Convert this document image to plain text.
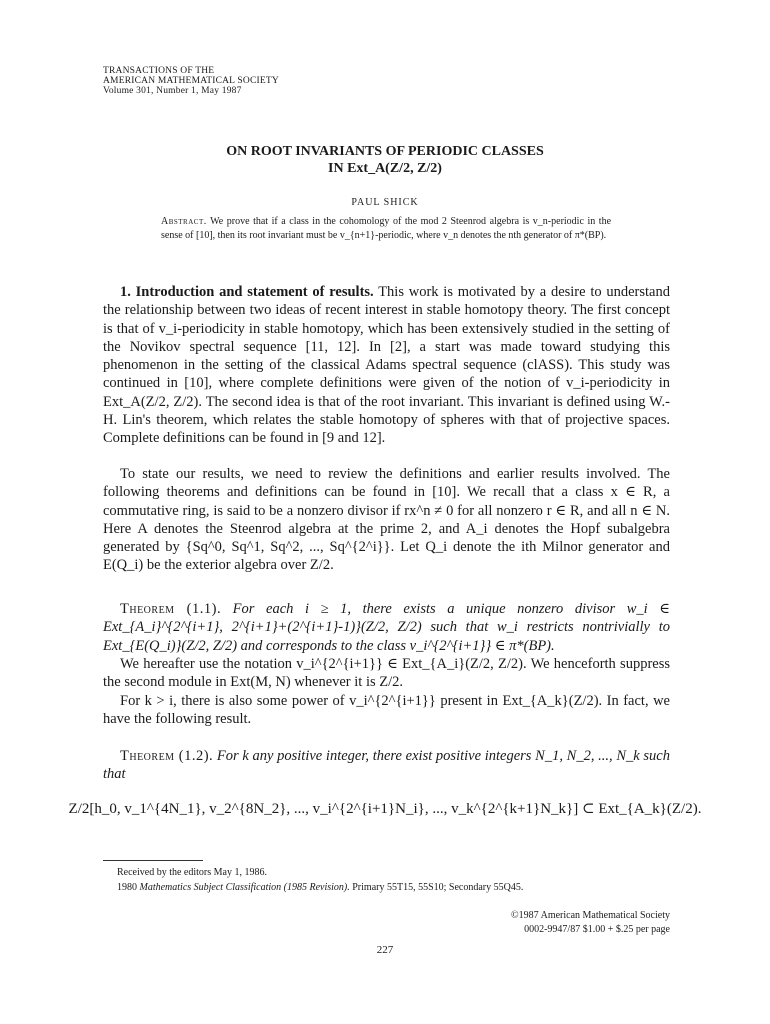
TRANSACTIONS OF THE
AMERICAN MATHEMATICAL SOCIETY
Volume 301, Number 1, May 1987
ON ROOT INVARIANTS OF PERIODIC CLASSES
IN Ext_A(Z/2, Z/2)
PAUL SHICK
Abstract. We prove that if a class in the cohomology of the mod 2 Steenrod algebra is v_n-periodic in the sense of [10], then its root invariant must be v_{n+1}-periodic, where v_n denotes the nth generator of π*(BP).
1. Introduction and statement of results. This work is motivated by a desire to understand the relationship between two ideas of recent interest in stable homotopy theory. The first concept is that of v_i-periodicity in stable homotopy, which has been extensively studied in the setting of the Novikov spectral sequence [11, 12]. In [2], a start was made toward studying this phenomenon in the setting of the classical Adams spectral sequence (clASS). This study was continued in [10], where complete definitions were given of the notion of v_i-periodicity in Ext_A(Z/2, Z/2). The second idea is that of the root invariant. This invariant is defined using W.-H. Lin's theorem, which relates the stable homotopy of spheres with that of projective spaces. Complete definitions can be found in [9 and 12].
To state our results, we need to review the definitions and earlier results involved. The following theorems and definitions can be found in [10]. We recall that a class x ∈ R, a commutative ring, is said to be a nonzero divisor if rx^n ≠ 0 for all nonzero r ∈ R, and all n ∈ N. Here A denotes the Steenrod algebra at the prime 2, and A_i denotes the Hopf subalgebra generated by {Sq^0, Sq^1, Sq^2, ..., Sq^{2^i}}. Let Q_i denote the ith Milnor generator and E(Q_i) be the exterior algebra over Z/2.
Theorem (1.1). For each i ≥ 1, there exists a unique nonzero divisor w_i ∈ Ext_{A_i}^{2^{i+1}, 2^{i+1}+(2^{i+1}-1)}(Z/2, Z/2) such that w_i restricts nontrivially to Ext_{E(Q_i)}(Z/2, Z/2) and corresponds to the class v_i^{2^{i+1}} ∈ π*(BP).
We hereafter use the notation v_i^{2^{i+1}} ∈ Ext_{A_i}(Z/2, Z/2). We henceforth suppress the second module in Ext(M, N) whenever it is Z/2.
For k > i, there is also some power of v_i^{2^{i+1}} present in Ext_{A_k}(Z/2). In fact, we have the following result.
Theorem (1.2). For k any positive integer, there exist positive integers N_1, N_2, ..., N_k such that
Z/2[h_0, v_1^{4N_1}, v_2^{8N_2}, ..., v_i^{2^{i+1}N_i}, ..., v_k^{2^{k+1}N_k}] ⊂ Ext_{A_k}(Z/2).
Received by the editors May 1, 1986.
1980 Mathematics Subject Classification (1985 Revision). Primary 55T15, 55S10; Secondary 55Q45.
©1987 American Mathematical Society
0002-9947/87 $1.00 + $.25 per page
227
